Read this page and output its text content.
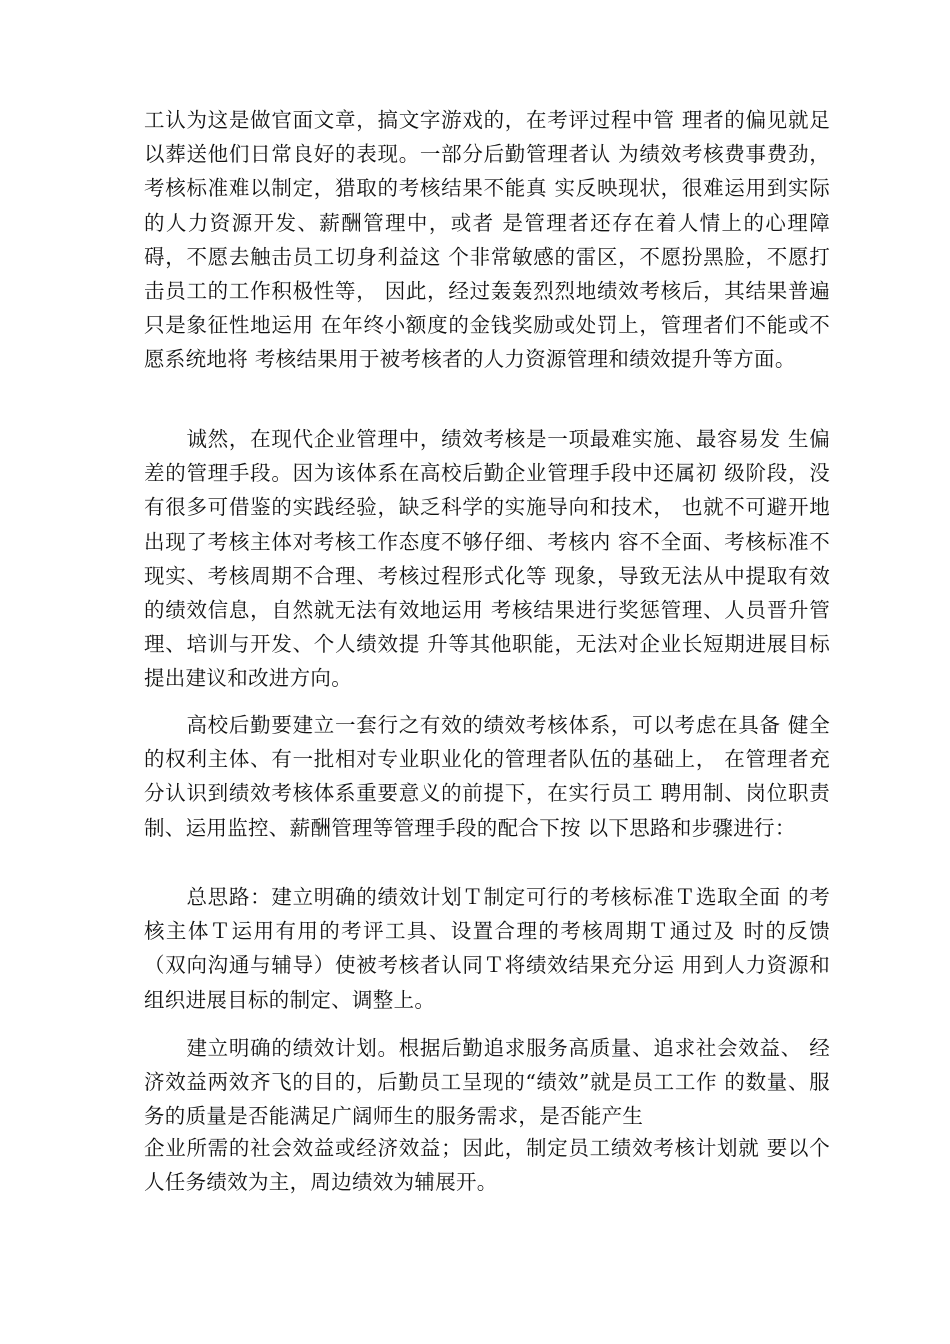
工认为这是做官面文章，搞文字游戏的，在考评过程中管 理者的偏见就足以葬送他们日常良好的表现。一部分后勤管理者认 为绩效考核费事费劲，考核标准难以制定，猎取的考核结果不能真 实反映现状，很难运用到实际的人力资源开发、薪酬管理中，或者 是管理者还存在着人情上的心理障碍，不愿去触击员工切身利益这 个非常敏感的雷区，不愿扮黑脸，不愿打击员工的工作积极性等， 因此，经过轰轰烈烈地绩效考核后，其结果普遍只是象征性地运用 在年终小额度的金钱奖励或处罚上，管理者们不能或不愿系统地将 考核结果用于被考核者的人力资源管理和绩效提升等方面。

　　诚然，在现代企业管理中，绩效考核是一项最难实施、最容易发 生偏差的管理手段。因为该体系在高校后勤企业管理手段中还属初 级阶段，没有很多可借鉴的实践经验，缺乏科学的实施导向和技术， 也就不可避开地出现了考核主体对考核工作态度不够仔细、考核内 容不全面、考核标准不现实、考核周期不合理、考核过程形式化等 现象，导致无法从中提取有效的绩效信息，自然就无法有效地运用 考核结果进行奖惩管理、人员晋升管理、培训与开发、个人绩效提 升等其他职能，无法对企业长短期进展目标提出建议和改进方向。

　　高校后勤要建立一套行之有效的绩效考核体系，可以考虑在具备 健全的权利主体、有一批相对专业职业化的管理者队伍的基础上， 在管理者充分认识到绩效考核体系重要意义的前提下，在实行员工 聘用制、岗位职责制、运用监控、薪酬管理等管理手段的配合下按 以下思路和步骤进行：

　　总思路：建立明确的绩效计划Ｔ制定可行的考核标准Ｔ选取全面 的考核主体Ｔ运用有用的考评工具、设置合理的考核周期Ｔ通过及 时的反馈（双向沟通与辅导）使被考核者认同Ｔ将绩效结果充分运 用到人力资源和组织进展目标的制定、调整上。

　　建立明确的绩效计划。根据后勤追求服务高质量、追求社会效益、 经济效益两效齐飞的目的，后勤员工呈现的“绩效”就是员工工作 的数量、服务的质量是否能满足广阔师生的服务需求，是否能产生

企业所需的社会效益或经济效益；因此，制定员工绩效考核计划就 要以个人任务绩效为主，周边绩效为辅展开。
